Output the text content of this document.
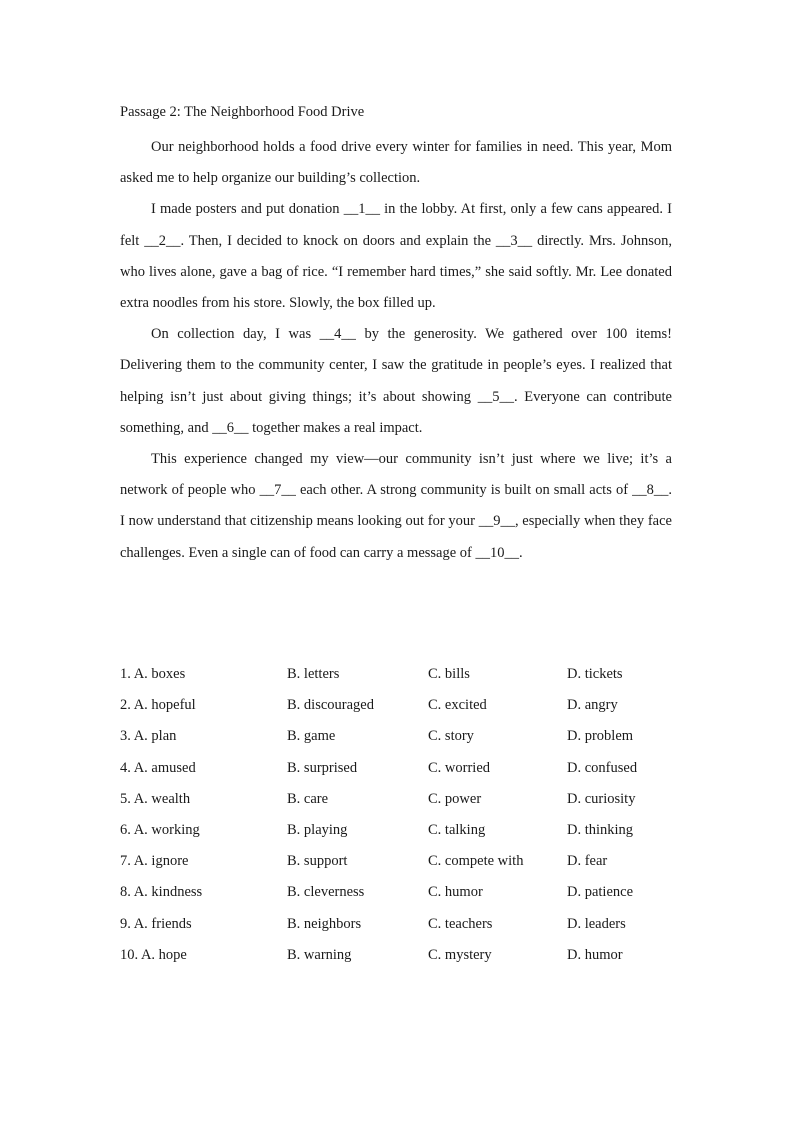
Passage 2: The Neighborhood Food Drive

Our neighborhood holds a food drive every winter for families in need. This year, Mom asked me to help organize our building’s collection.

I made posters and put donation __1__ in the lobby. At first, only a few cans appeared. I felt __2__. Then, I decided to knock on doors and explain the __3__ directly. Mrs. Johnson, who lives alone, gave a bag of rice. “I remember hard times,” she said softly. Mr. Lee donated extra noodles from his store. Slowly, the box filled up.

On collection day, I was __4__ by the generosity. We gathered over 100 items! Delivering them to the community center, I saw the gratitude in people’s eyes. I realized that helping isn’t just about giving things; it’s about showing __5__. Everyone can contribute something, and __6__ together makes a real impact.

This experience changed my view—our community isn’t just where we live; it’s a network of people who __7__ each other. A strong community is built on small acts of __8__. I now understand that citizenship means looking out for your __9__, especially when they face challenges. Even a single can of food can carry a message of __10__.

1. A. boxes	B. letters	C. bills	D. tickets
2. A. hopeful	B. discouraged	C. excited	D. angry
3. A. plan	B. game	C. story	D. problem
4. A. amused	B. surprised	C. worried	D. confused
5. A. wealth	B. care	C. power	D. curiosity
6. A. working	B. playing	C. talking	D. thinking
7. A. ignore	B. support	C. compete with	D. fear
8. A. kindness	B. cleverness	C. humor	D. patience
9. A. friends	B. neighbors	C. teachers	D. leaders
10. A. hope	B. warning	C. mystery	D. humor
